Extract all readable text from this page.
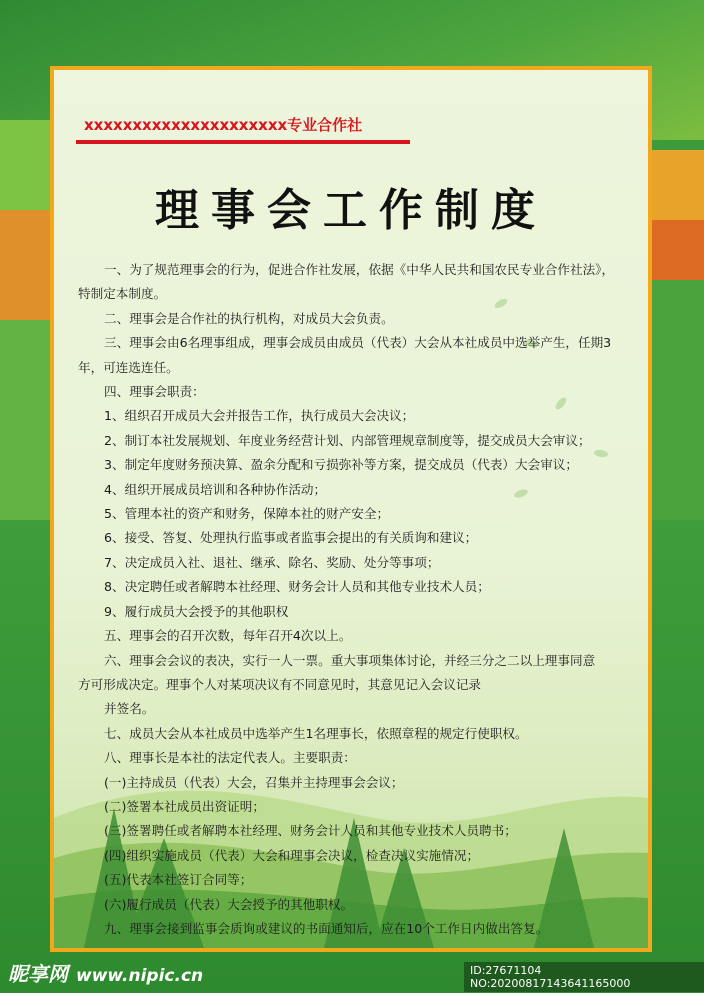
xxxxxxxxxxxxxxxxxxxxx专业合作社
理事会工作制度

一、为了规范理事会的行为，促进合作社发展，依据《中华人民共和国农民专业合作社法》，

特制定本制度。

二、理事会是合作社的执行机构，对成员大会负责。

三、理事会由6名理事组成，理事会成员由成员（代表）大会从本社成员中选举产生，任期3

年，可连选连任。

四、理事会职责：

1、组织召开成员大会并报告工作，执行成员大会决议；

2、制订本社发展规划、年度业务经营计划、内部管理规章制度等，提交成员大会审议；

3、制定年度财务预决算、盈余分配和亏损弥补等方案，提交成员（代表）大会审议；

4、组织开展成员培训和各种协作活动；

5、管理本社的资产和财务，保障本社的财产安全；

6、接受、答复、处理执行监事或者监事会提出的有关质询和建议；

7、决定成员入社、退社、继承、除名、奖励、处分等事项；

8、决定聘任或者解聘本社经理、财务会计人员和其他专业技术人员；

9、履行成员大会授予的其他职权

五、理事会的召开次数，每年召开4次以上。

六、理事会会议的表决，实行一人一票。重大事项集体讨论，并经三分之二以上理事同意

方可形成决定。理事个人对某项决议有不同意见时，其意见记入会议记录

并签名。

七、成员大会从本社成员中选举产生1名理事长，依照章程的规定行使职权。

八、理事长是本社的法定代表人。主要职责：

(一)主持成员（代表）大会，召集并主持理事会会议；

(二)签署本社成员出资证明；

(三)签署聘任或者解聘本社经理、财务会计人员和其他专业技术人员聘书；

(四)组织实施成员（代表）大会和理事会决议，检查决议实施情况；

(五)代表本社签订合同等；

(六)履行成员（代表）大会授予的其他职权。

九、理事会接到监事会质询或建议的书面通知后，应在10个工作日内做出答复。

昵享网 www.nipic.cn	ID:27671104 NO:20200817143641165000
